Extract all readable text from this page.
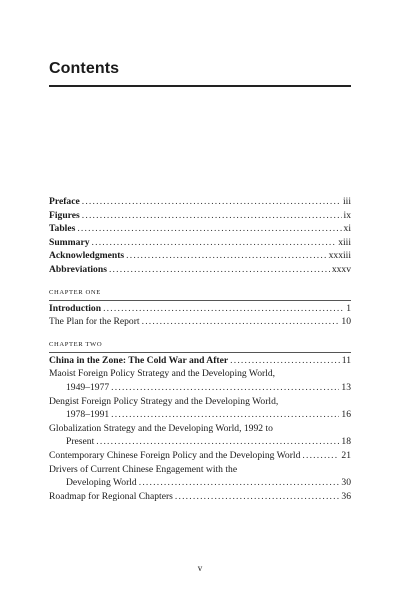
Contents
Preface . . .	iii
Figures . . .	ix
Tables . . .	xi
Summary . . .	xiii
Acknowledgments . . .	xxxiii
Abbreviations . . .	xxxv
CHAPTER ONE
Introduction . . .	1
The Plan for the Report . . .	10
CHAPTER TWO
China in the Zone: The Cold War and After . . .	11
Maoist Foreign Policy Strategy and the Developing World,
1949–1977 . . .	13
Dengist Foreign Policy Strategy and the Developing World,
1978–1991 . . .	16
Globalization Strategy and the Developing World, 1992 to
Present . . .	18
Contemporary Chinese Foreign Policy and the Developing World . . .	21
Drivers of Current Chinese Engagement with the
Developing World . . .	30
Roadmap for Regional Chapters . . .	36
v
